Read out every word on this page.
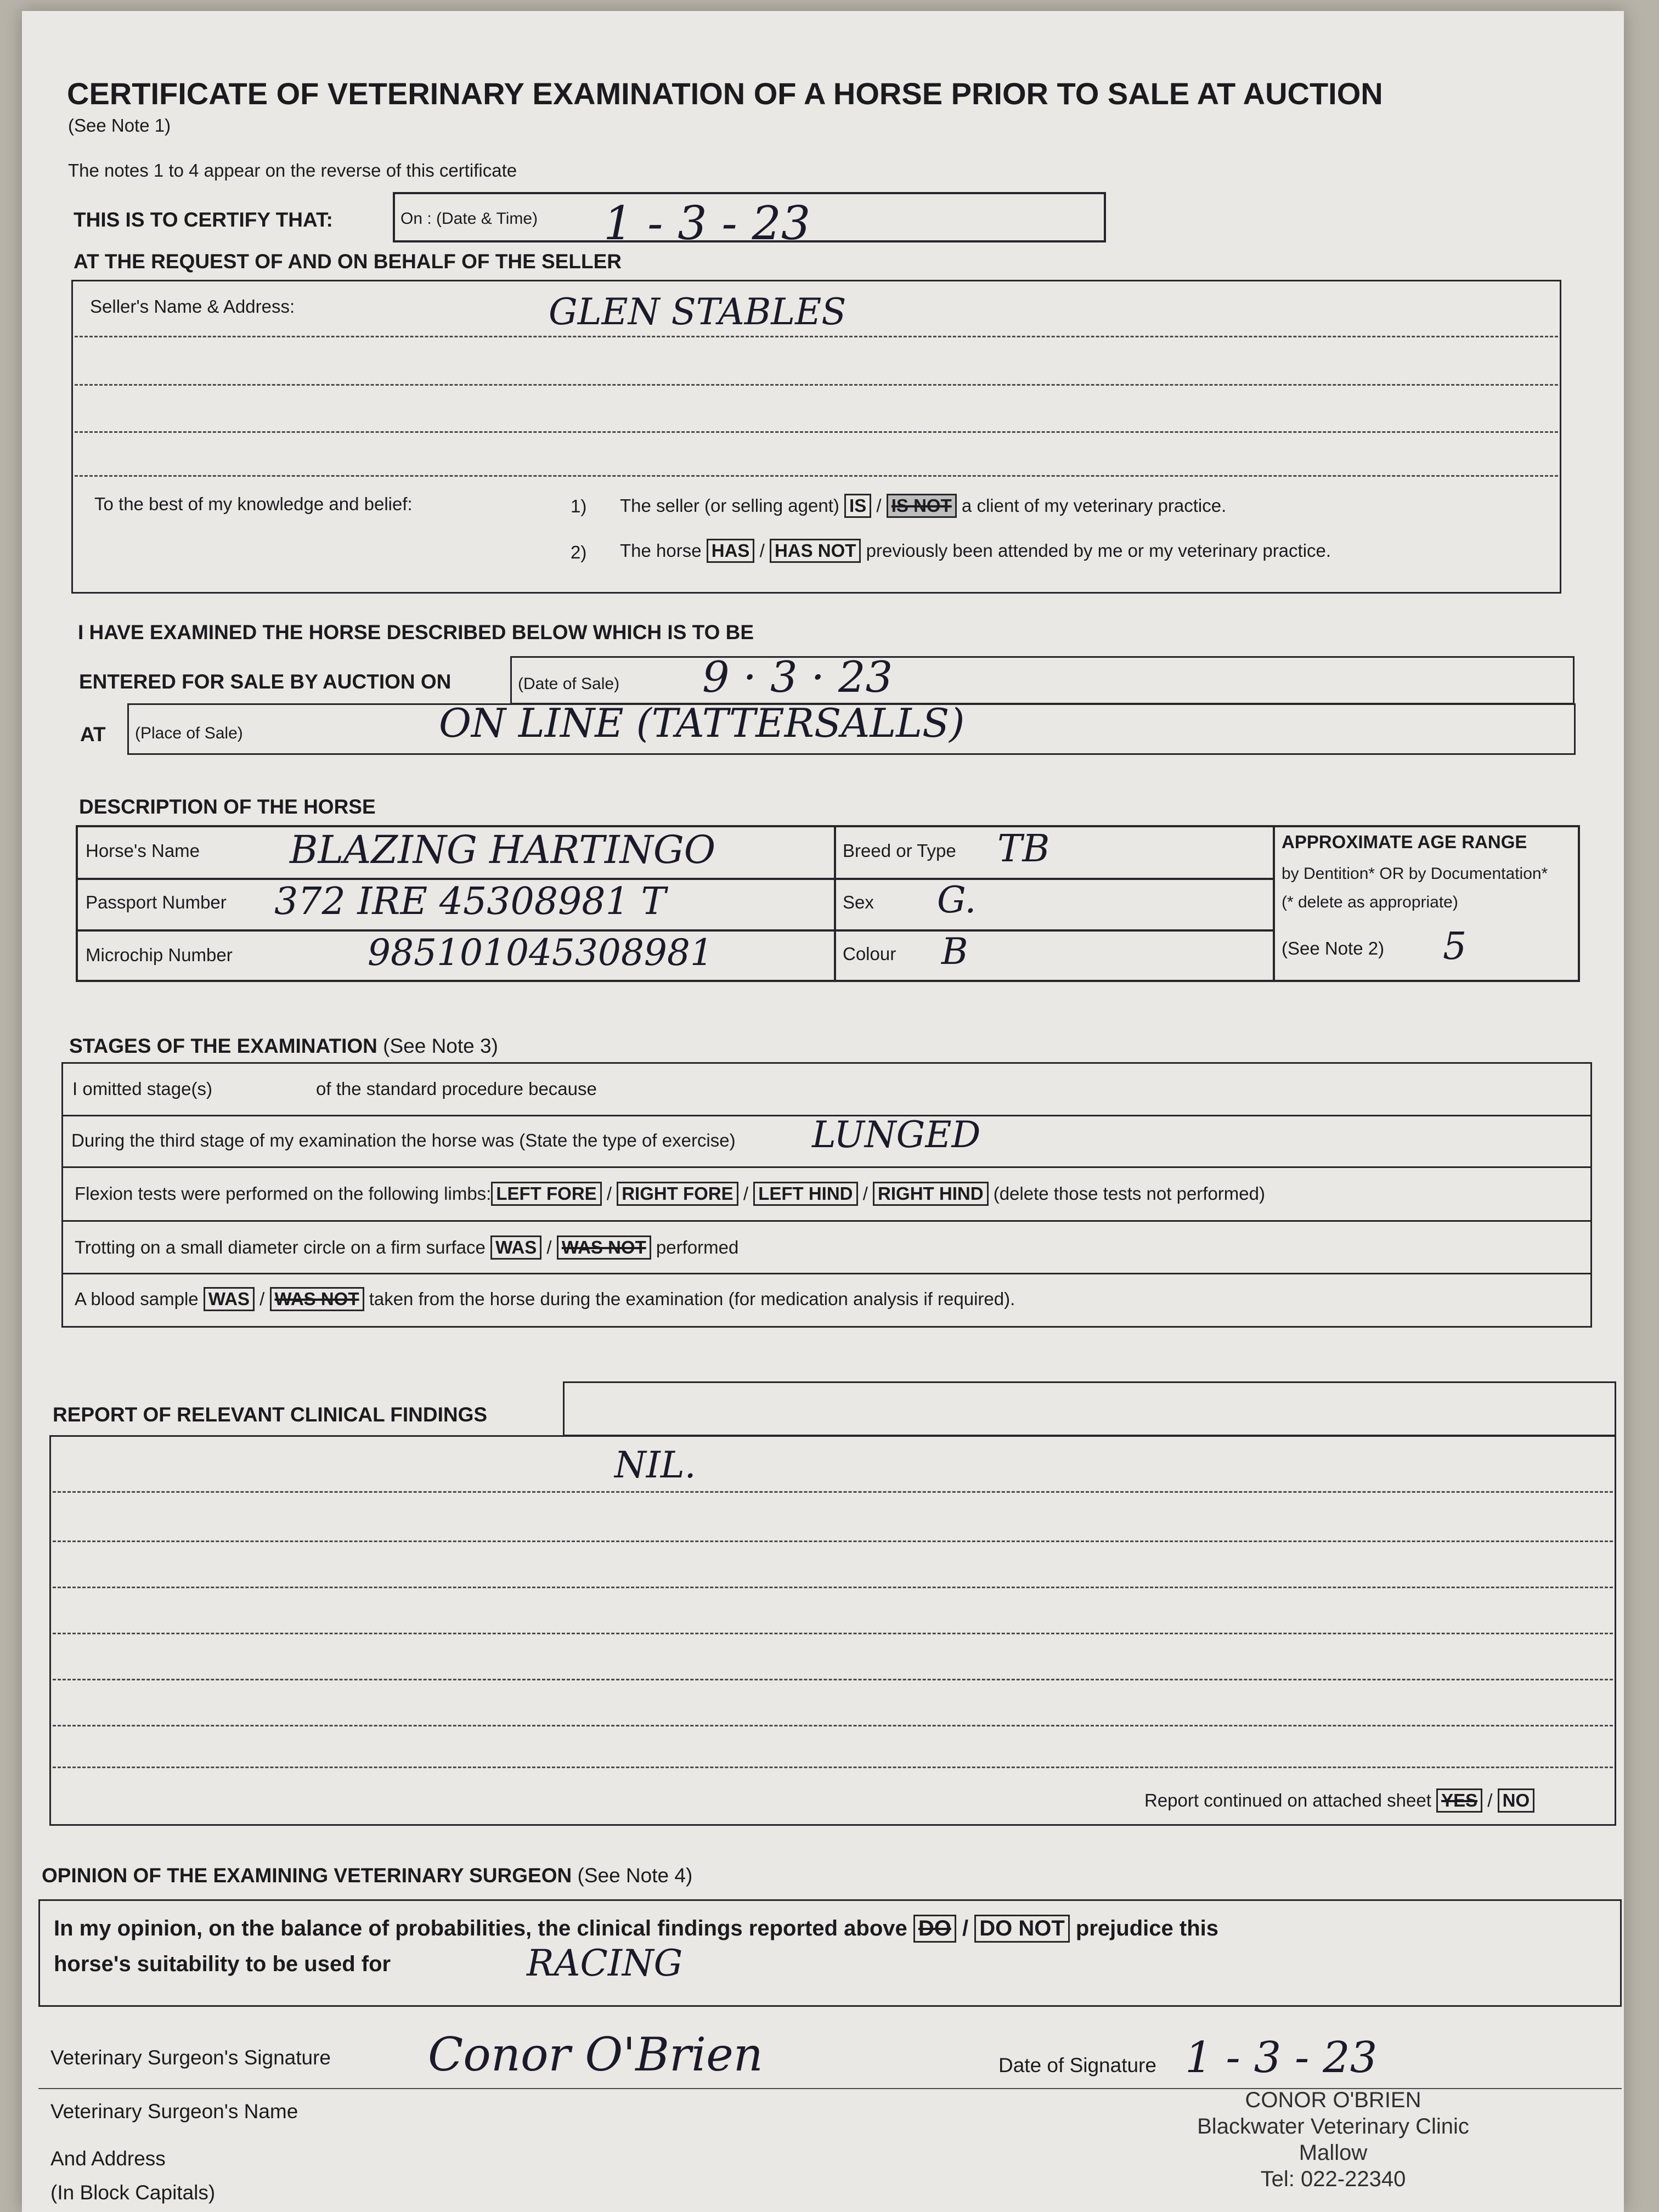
CERTIFICATE OF VETERINARY EXAMINATION OF A HORSE PRIOR TO SALE AT AUCTION
(See Note 1)
The notes 1 to 4 appear on the reverse of this certificate
THIS IS TO CERTIFY THAT:	On : (Date & Time) 1 - 3 - 23
AT THE REQUEST OF AND ON BEHALF OF THE SELLER
Seller's Name & Address:	GLEN STABLES
To the best of my knowledge and belief:	1) The seller (or selling agent) IS / IS NOT a client of my veterinary practice.
2) The horse HAS / HAS NOT previously been attended by me or my veterinary practice.
I HAVE EXAMINED THE HORSE DESCRIBED BELOW WHICH IS TO BE
ENTERED FOR SALE BY AUCTION ON	(Date of Sale) 9 · 3 · 23
AT (Place of Sale)	ON LINE (TATTERSALLS)
DESCRIPTION OF THE HORSE
Horse's Name BLAZING HARTINGO
Passport Number 372 IRE 45308981 T
Microchip Number	985101045308981
Breed or Type TB
Sex G.
Colour B
APPROXIMATE AGE RANGE
by Dentition* OR by Documentation*
(* delete as appropriate)
(See Note 2) 5
STAGES OF THE EXAMINATION (See Note 3)
I omitted stage(s)	of the standard procedure because
During the third stage of my examination the horse was (State the type of exercise) LUNGED
Flexion tests were performed on the following limbs: LEFT FORE / RIGHT FORE / LEFT HIND / RIGHT HIND (delete those tests not performed)
Trotting on a small diameter circle on a firm surface WAS / WAS NOT performed
A blood sample WAS / WAS NOT taken from the horse during the examination (for medication analysis if required).
REPORT OF RELEVANT CLINICAL FINDINGS
NIL.
Report continued on attached sheet YES / NO
OPINION OF THE EXAMINING VETERINARY SURGEON (See Note 4)
In my opinion, on the balance of probabilities, the clinical findings reported above DO / DO NOT prejudice this
horse's suitability to be used for	RACING
Veterinary Surgeon's Signature Conor O'Brien	Date of Signature 1 - 3 - 23
Veterinary Surgeon's Name
And Address
(In Block Capitals)
CONOR O'BRIEN
Blackwater Veterinary Clinic
Mallow
Tel: 022-22340
